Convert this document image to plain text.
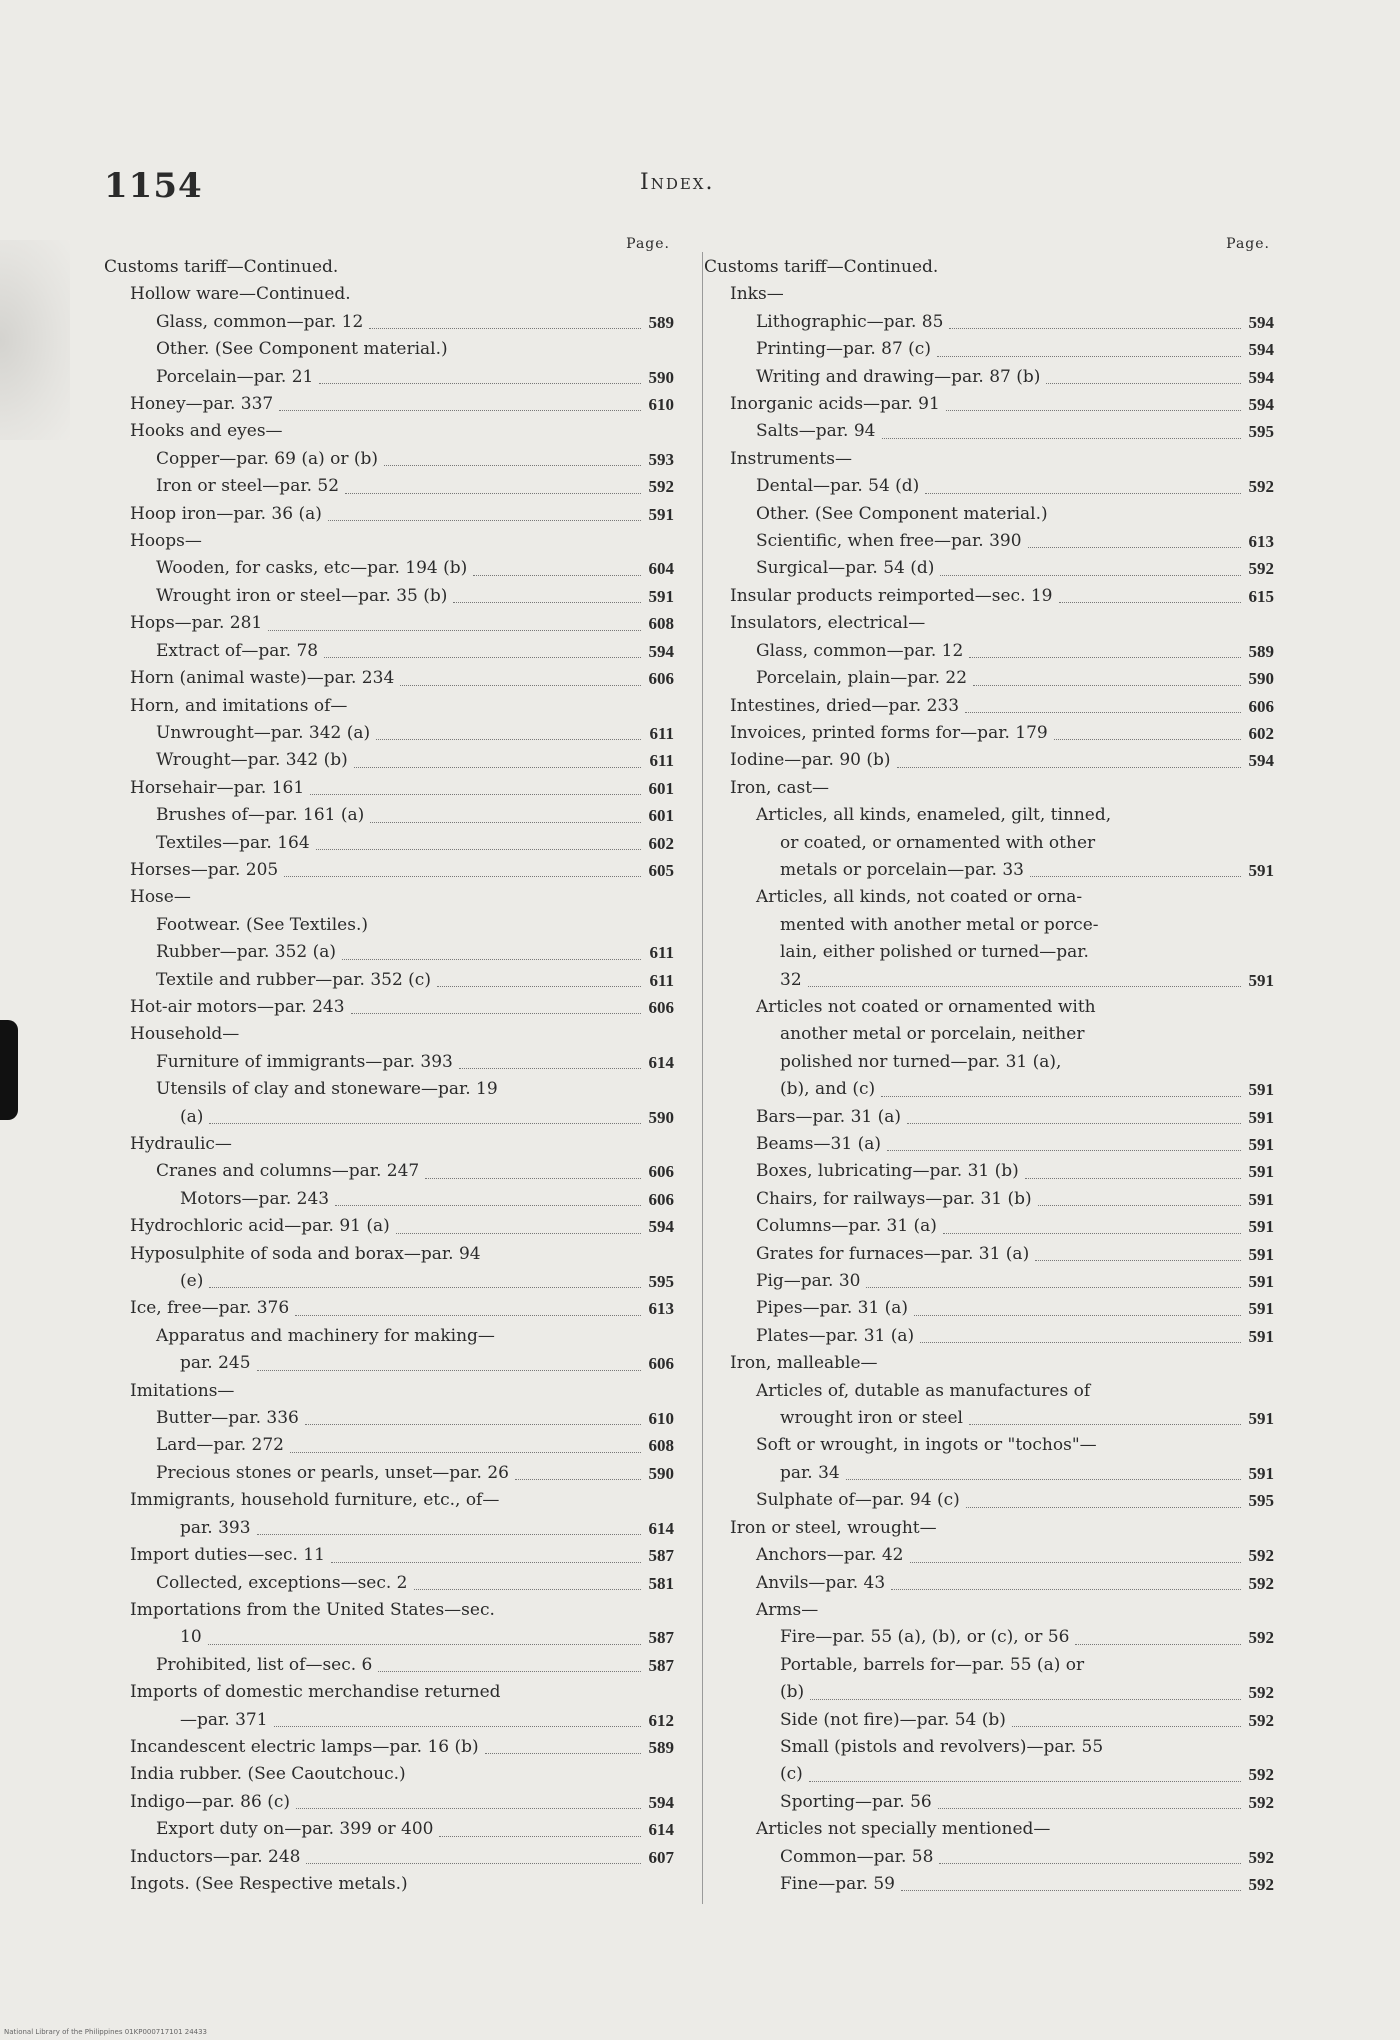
1154	Index.
Page.
Customs tariff—Continued.
Hollow ware—Continued.
Glass, common—par. 12	589
Other. (See Component material.)
Porcelain—par. 21	590
Honey—par. 337	610
Hooks and eyes—
Copper—par. 69 (a) or (b)	593
Iron or steel—par. 52	592
Hoop iron—par. 36 (a)	591
Hoops—
Wooden, for casks, etc—par. 194 (b)	604
Wrought iron or steel—par. 35 (b)	591
Hops—par. 281	608
Extract of—par. 78	594
Horn (animal waste)—par. 234	606
Horn, and imitations of—
Unwrought—par. 342 (a)	611
Wrought—par. 342 (b)	611
Horsehair—par. 161	601
Brushes of—par. 161 (a)	601
Textiles—par. 164	602
Horses—par. 205	605
Hose—
Footwear. (See Textiles.)
Rubber—par. 352 (a)	611
Textile and rubber—par. 352 (c)	611
Hot-air motors—par. 243	606
Household—
Furniture of immigrants—par. 393	614
Utensils of clay and stoneware—par. 19
(a)	590
Hydraulic—
Cranes and columns—par. 247	606
Motors—par. 243	606
Hydrochloric acid—par. 91 (a)	594
Hyposulphite of soda and borax—par. 94
(e)	595
Ice, free—par. 376	613
Apparatus and machinery for making—
par. 245	606
Imitations—
Butter—par. 336	610
Lard—par. 272	608
Precious stones or pearls, unset—par. 26	590
Immigrants, household furniture, etc., of—
par. 393	614
Import duties—sec. 11	587
Collected, exceptions—sec. 2	581
Importations from the United States—sec.
10	587
Prohibited, list of—sec. 6	587
Imports of domestic merchandise returned
—par. 371	612
Incandescent electric lamps—par. 16 (b)	589
India rubber. (See Caoutchouc.)
Indigo—par. 86 (c)	594
Export duty on—par. 399 or 400	614
Inductors—par. 248	607
Ingots. (See Respective metals.)
Page.
Customs tariff—Continued.
Inks—
Lithographic—par. 85	594
Printing—par. 87 (c)	594
Writing and drawing—par. 87 (b)	594
Inorganic acids—par. 91	594
Salts—par. 94	595
Instruments—
Dental—par. 54 (d)	592
Other. (See Component material.)
Scientific, when free—par. 390	613
Surgical—par. 54 (d)	592
Insular products reimported—sec. 19	615
Insulators, electrical—
Glass, common—par. 12	589
Porcelain, plain—par. 22	590
Intestines, dried—par. 233	606
Invoices, printed forms for—par. 179	602
Iodine—par. 90 (b)	594
Iron, cast—
Articles, all kinds, enameled, gilt, tinned,
or coated, or ornamented with other
metals or porcelain—par. 33	591
Articles, all kinds, not coated or orna-
mented with another metal or porce-
lain, either polished or turned—par.
32	591
Articles not coated or ornamented with
another metal or porcelain, neither
polished nor turned—par. 31 (a),
(b), and (c)	591
Bars—par. 31 (a)	591
Beams—31 (a)	591
Boxes, lubricating—par. 31 (b)	591
Chairs, for railways—par. 31 (b)	591
Columns—par. 31 (a)	591
Grates for furnaces—par. 31 (a)	591
Pig—par. 30	591
Pipes—par. 31 (a)	591
Plates—par. 31 (a)	591
Iron, malleable—
Articles of, dutable as manufactures of
wrought iron or steel	591
Soft or wrought, in ingots or "tochos"—
par. 34	591
Sulphate of—par. 94 (c)	595
Iron or steel, wrought—
Anchors—par. 42	592
Anvils—par. 43	592
Arms—
Fire—par. 55 (a), (b), or (c), or 56	592
Portable, barrels for—par. 55 (a) or
(b)	592
Side (not fire)—par. 54 (b)	592
Small (pistols and revolvers)—par. 55
(c)	592
Sporting—par. 56	592
Articles not specially mentioned—
Common—par. 58	592
Fine—par. 59	592
National Library of the Philippines 01KP000717101 24433
